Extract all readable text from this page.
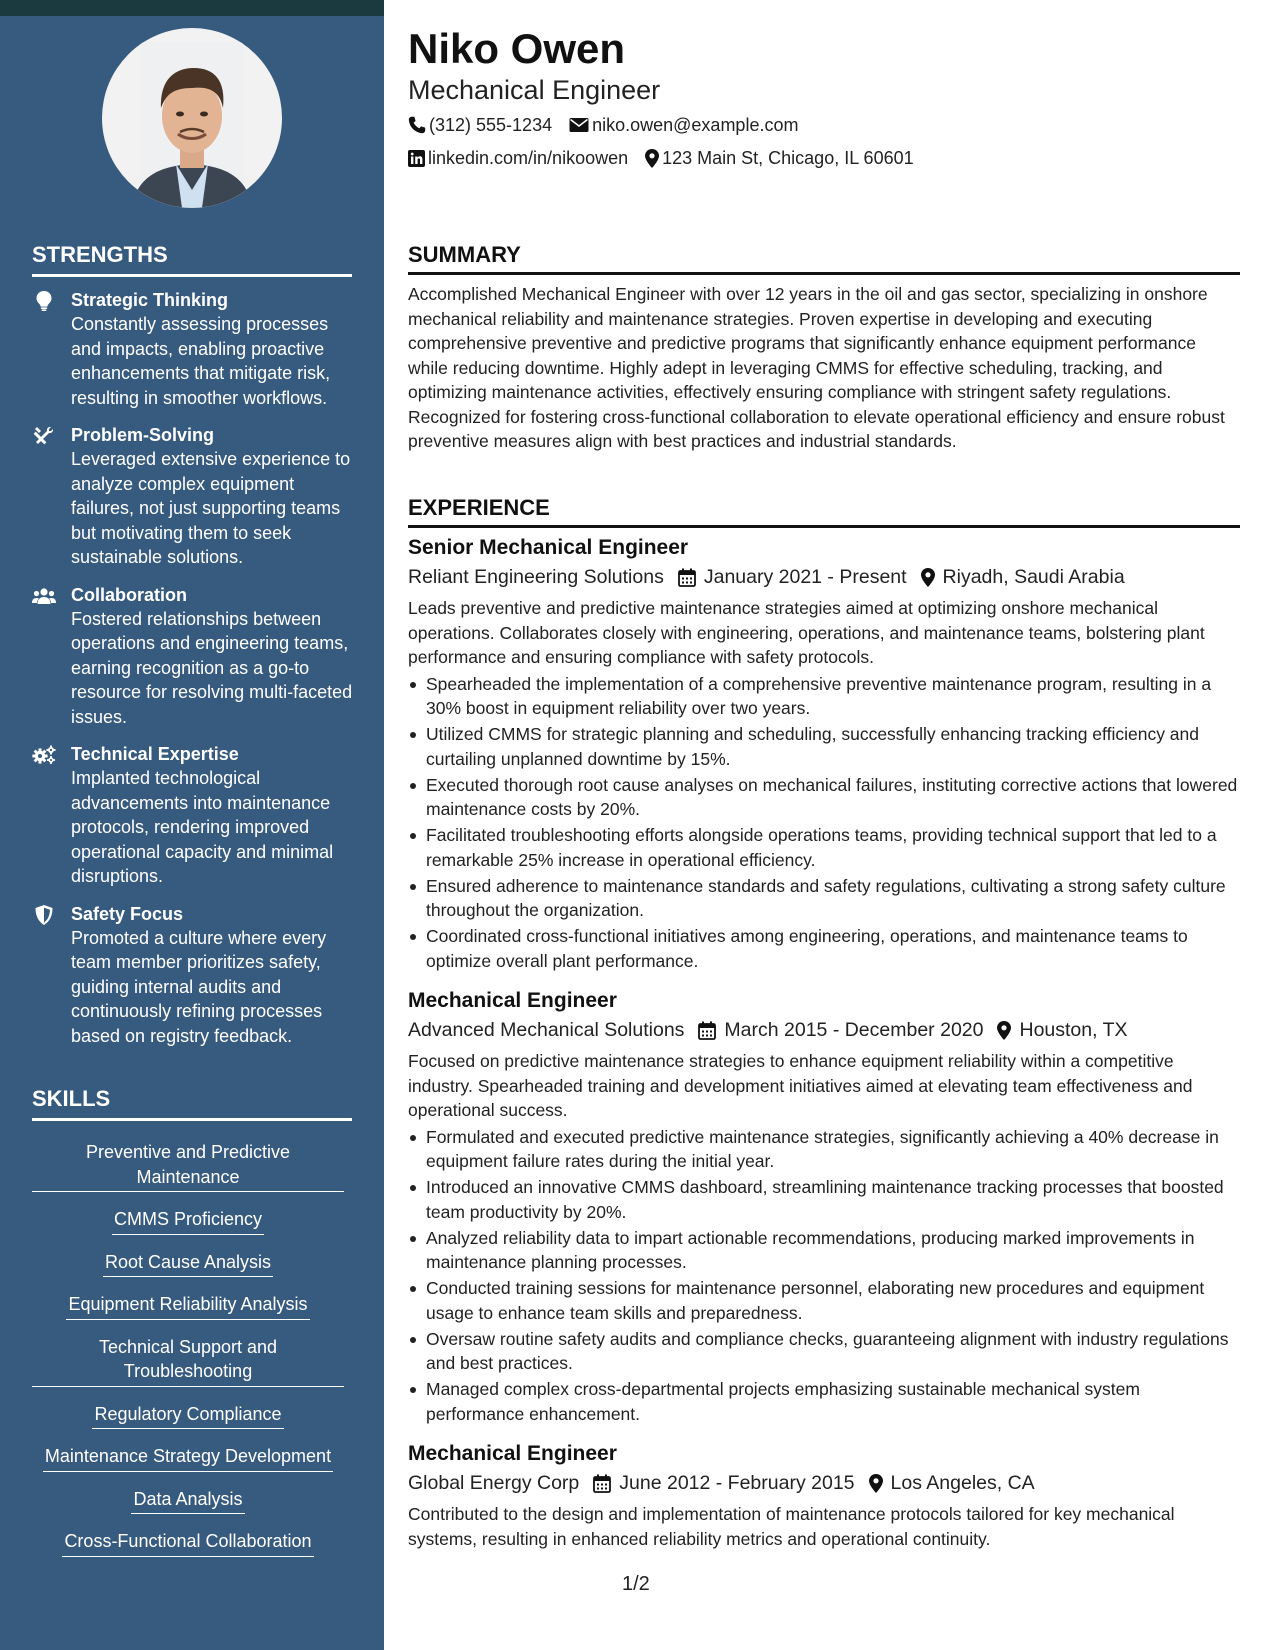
STRENGTHS
Strategic Thinking
Constantly assessing processes and impacts, enabling proactive enhancements that mitigate risk, resulting in smoother workflows.
Problem-Solving
Leveraged extensive experience to analyze complex equipment failures, not just supporting teams but motivating them to seek sustainable solutions.
Collaboration
Fostered relationships between operations and engineering teams, earning recognition as a go-to resource for resolving multi-faceted issues.
Technical Expertise
Implanted technological advancements into maintenance protocols, rendering improved operational capacity and minimal disruptions.
Safety Focus
Promoted a culture where every team member prioritizes safety, guiding internal audits and continuously refining processes based on registry feedback.
SKILLS
Preventive and Predictive Maintenance
CMMS Proficiency
Root Cause Analysis
Equipment Reliability Analysis
Technical Support and Troubleshooting
Regulatory Compliance
Maintenance Strategy Development
Data Analysis
Cross-Functional Collaboration
Niko Owen
Mechanical Engineer
(312) 555-1234 niko.owen@example.com
linkedin.com/in/nikoowen 123 Main St, Chicago, IL 60601
SUMMARY

Accomplished Mechanical Engineer with over 12 years in the oil and gas sector, specializing in onshore mechanical reliability and maintenance strategies. Proven expertise in developing and executing comprehensive preventive and predictive programs that significantly enhance equipment performance while reducing downtime. Highly adept in leveraging CMMS for effective scheduling, tracking, and optimizing maintenance activities, effectively ensuring compliance with stringent safety regulations. Recognized for fostering cross-functional collaboration to elevate operational efficiency and ensure robust preventive measures align with best practices and industrial standards.

EXPERIENCE
Senior Mechanical Engineer
Reliant Engineering Solutions January 2021 - Present Riyadh, Saudi Arabia

Leads preventive and predictive maintenance strategies aimed at optimizing onshore mechanical operations. Collaborates closely with engineering, operations, and maintenance teams, bolstering plant performance and ensuring compliance with safety protocols.

Spearheaded the implementation of a comprehensive preventive maintenance program, resulting in a 30% boost in equipment reliability over two years.
Utilized CMMS for strategic planning and scheduling, successfully enhancing tracking efficiency and curtailing unplanned downtime by 15%.
Executed thorough root cause analyses on mechanical failures, instituting corrective actions that lowered maintenance costs by 20%.
Facilitated troubleshooting efforts alongside operations teams, providing technical support that led to a remarkable 25% increase in operational efficiency.
Ensured adherence to maintenance standards and safety regulations, cultivating a strong safety culture throughout the organization.
Coordinated cross-functional initiatives among engineering, operations, and maintenance teams to optimize overall plant performance.
Mechanical Engineer
Advanced Mechanical Solutions March 2015 - December 2020 Houston, TX

Focused on predictive maintenance strategies to enhance equipment reliability within a competitive industry. Spearheaded training and development initiatives aimed at elevating team effectiveness and operational success.

Formulated and executed predictive maintenance strategies, significantly achieving a 40% decrease in equipment failure rates during the initial year.
Introduced an innovative CMMS dashboard, streamlining maintenance tracking processes that boosted team productivity by 20%.
Analyzed reliability data to impart actionable recommendations, producing marked improvements in maintenance planning processes.
Conducted training sessions for maintenance personnel, elaborating new procedures and equipment usage to enhance team skills and preparedness.
Oversaw routine safety audits and compliance checks, guaranteeing alignment with industry regulations and best practices.
Managed complex cross-departmental projects emphasizing sustainable mechanical system performance enhancement.
Mechanical Engineer
Global Energy Corp June 2012 - February 2015 Los Angeles, CA

Contributed to the design and implementation of maintenance protocols tailored for key mechanical systems, resulting in enhanced reliability metrics and operational continuity.

1/2
